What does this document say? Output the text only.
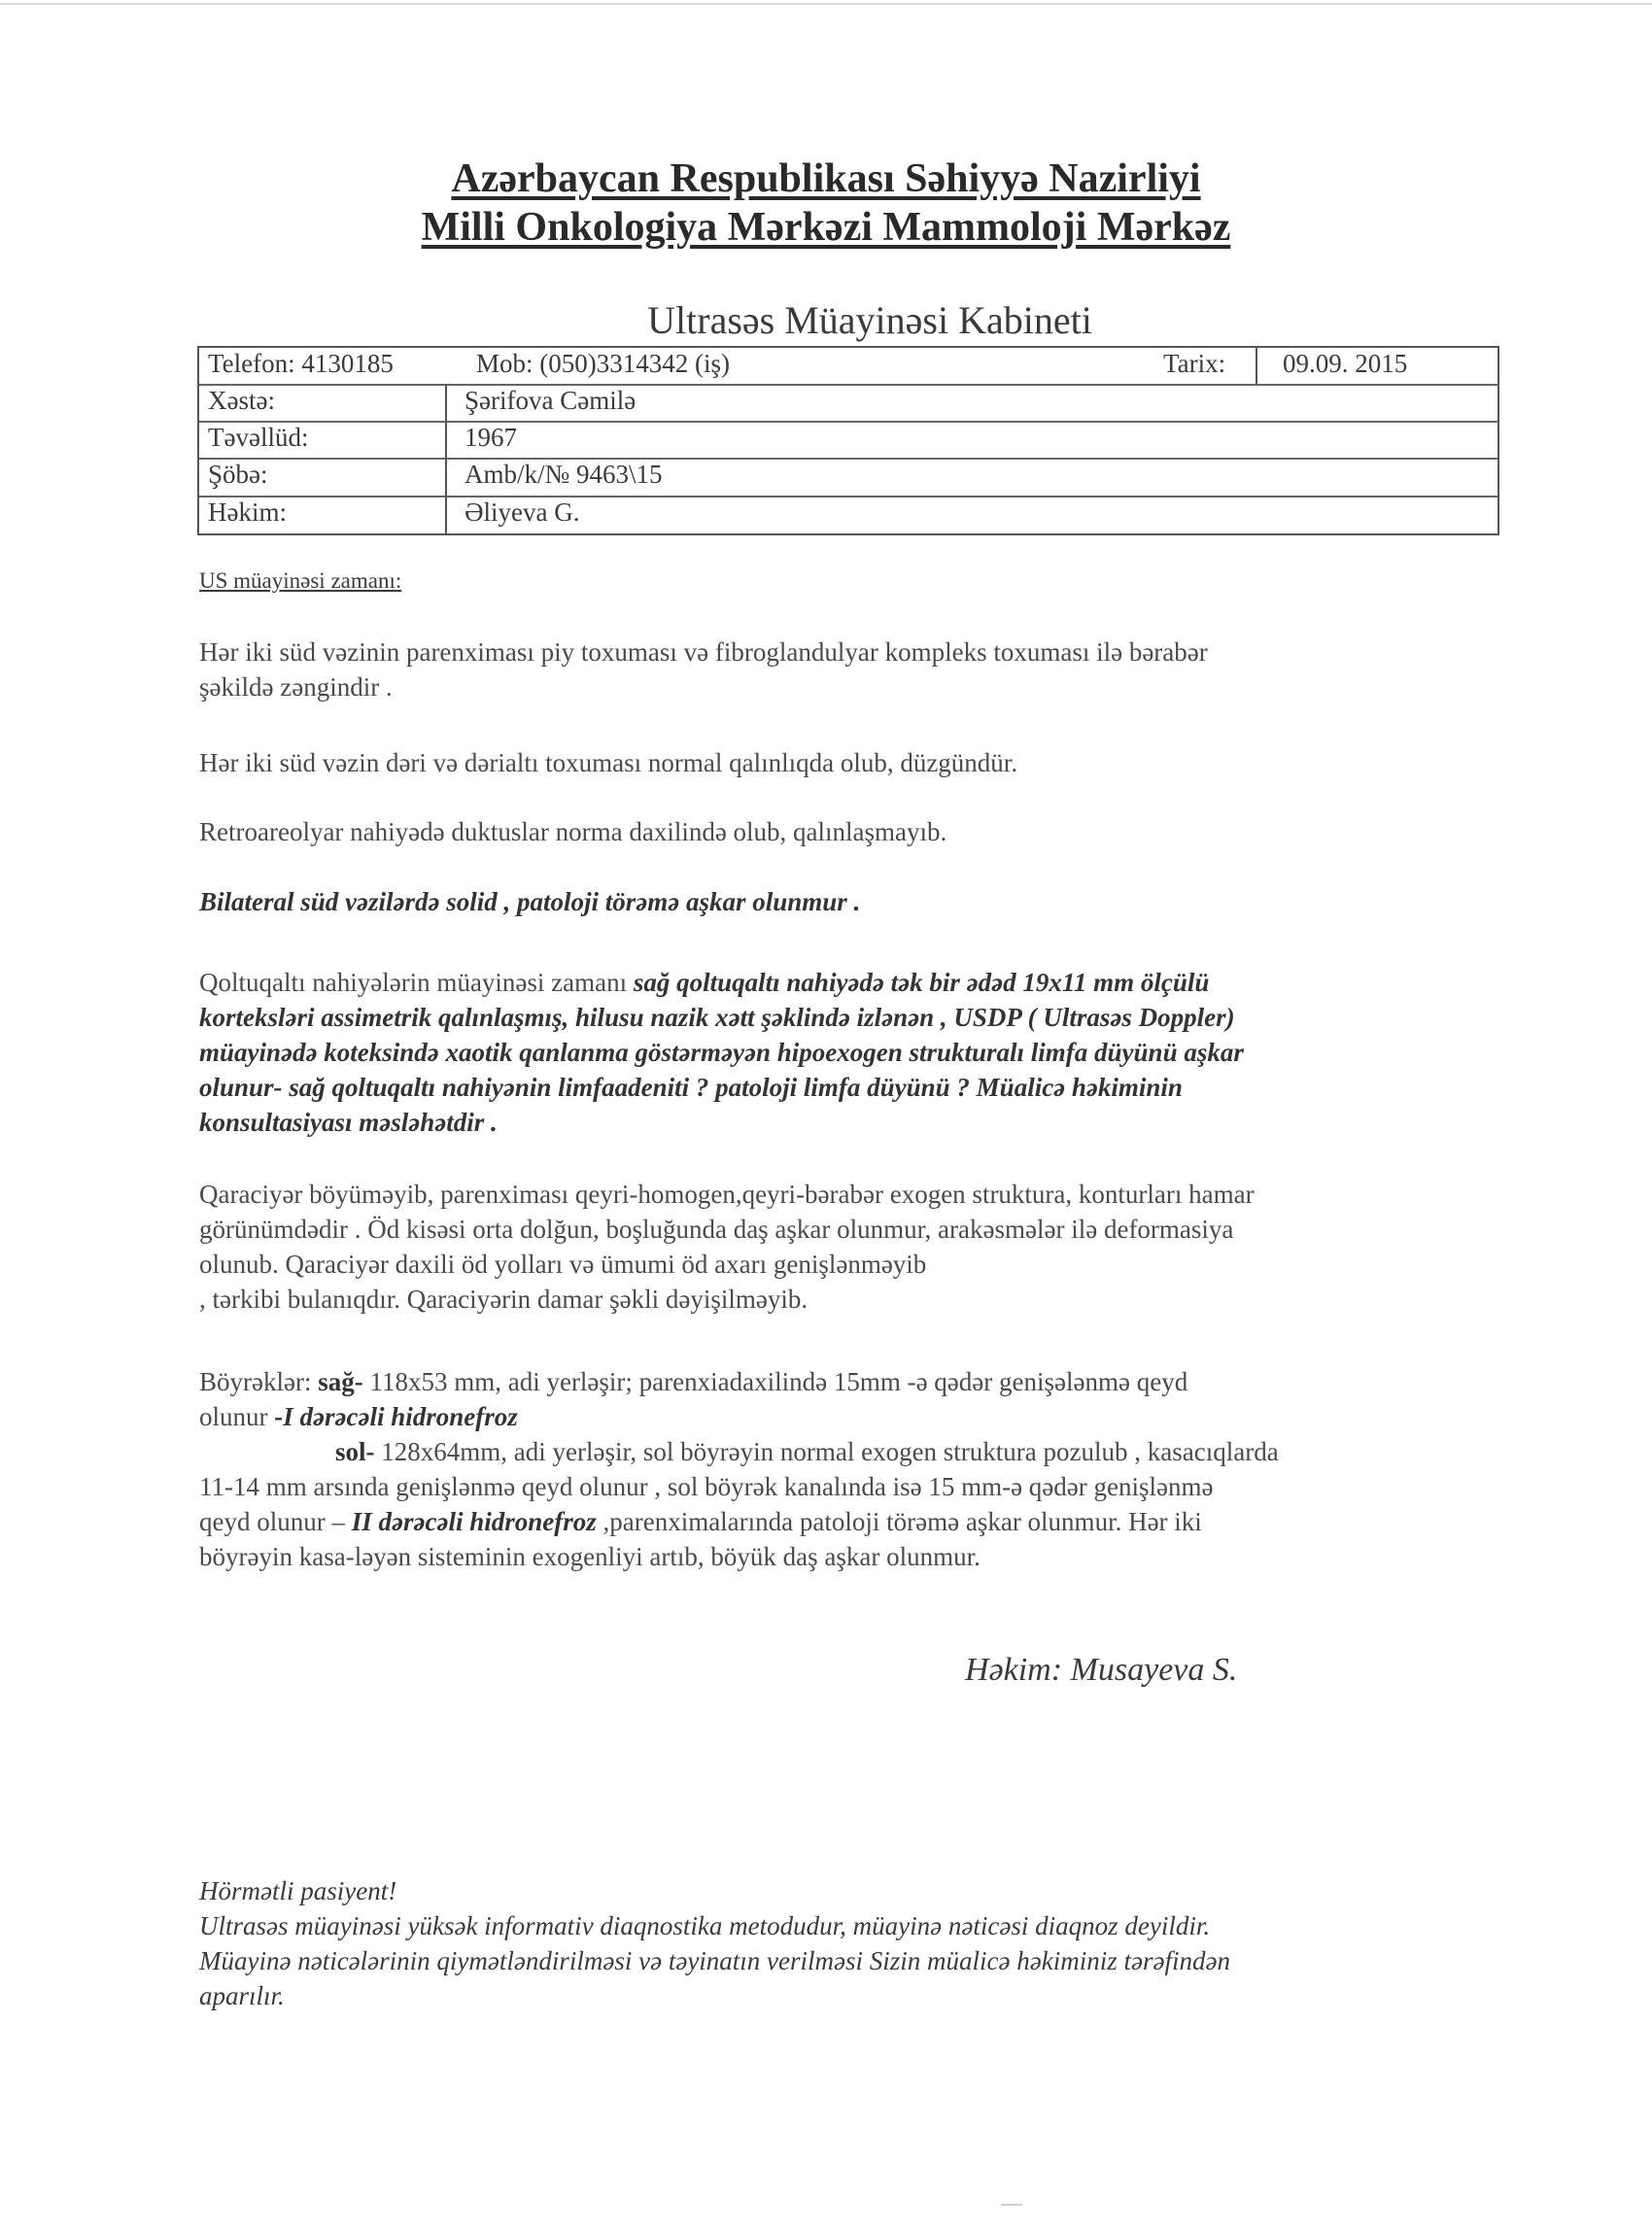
Azərbaycan Respublikası Səhiyyə Nazirliyi
Milli Onkologiya Mərkəzi Mammoloji Mərkəz
Ultrasəs Müayinəsi Kabineti
Telefon: 4130185	Mob: (050)3314342 (iş)	Tarix: 09.09. 2015
Xəstə:	Şərifova Cəmilə
Təvəllüd:	1967
Şöbə:	Amb/k/№ 9463\15
Həkim:	Əliyeva G.
US müayinəsi zamanı:
Hər iki süd vəzinin parenximası piy toxuması və fibroglandulyar kompleks toxuması ilə bərabər
şəkildə zəngindir .
Hər iki süd vəzin dəri və dərialtı toxuması normal qalınlıqda olub, düzgündür.
Retroareolyar nahiyədə duktuslar norma daxilində olub, qalınlaşmayıb.
Bilateral süd vəzilərdə solid , patoloji törəmə aşkar olunmur .
Qoltuqaltı nahiyələrin müayinəsi zamanı sağ qoltuqaltı nahiyədə tək bir ədəd 19x11 mm ölçülü
korteksləri assimetrik qalınlaşmış, hilusu nazik xətt şəklində izlənən , USDP ( Ultrasəs Doppler)
müayinədə koteksində xaotik qanlanma göstərməyən hipoexogen strukturalı limfa düyünü aşkar
olunur- sağ qoltuqaltı nahiyənin limfaadeniti ? patoloji limfa düyünü ? Müalicə həkiminin
konsultasiyası məsləhətdir .
Qaraciyər böyüməyib, parenximası qeyri-homogen,qeyri-bərabər exogen struktura, konturları hamar
görünümdədir . Öd kisəsi orta dolğun, boşluğunda daş aşkar olunmur, arakəsmələr ilə deformasiya
olunub. Qaraciyər daxili öd yolları və ümumi öd axarı genişlənməyib
, tərkibi bulanıqdır. Qaraciyərin damar şəkli dəyişilməyib.
Böyrəklər: sağ- 118x53 mm, adi yerləşir; parenxiadaxilində 15mm -ə qədər genişələnmə qeyd
olunur -I dərəcəli hidronefroz
sol- 128x64mm, adi yerləşir, sol böyrəyin normal exogen struktura pozulub , kasacıqlarda
11-14 mm arsında genişlənmə qeyd olunur , sol böyrək kanalında isə 15 mm-ə qədər genişlənmə
qeyd olunur – II dərəcəli hidronefroz ,parenximalarında patoloji törəmə aşkar olunmur. Hər iki
böyrəyin kasa-ləyən sisteminin exogenliyi artıb, böyük daş aşkar olunmur.
Həkim: Musayeva S.
Hörmətli pasiyent!
Ultrasəs müayinəsi yüksək informativ diaqnostika metodudur, müayinə nəticəsi diaqnoz deyildir.
Müayinə nəticələrinin qiymətləndirilməsi və təyinatın verilməsi Sizin müalicə həkiminiz tərəfindən
aparılır.
